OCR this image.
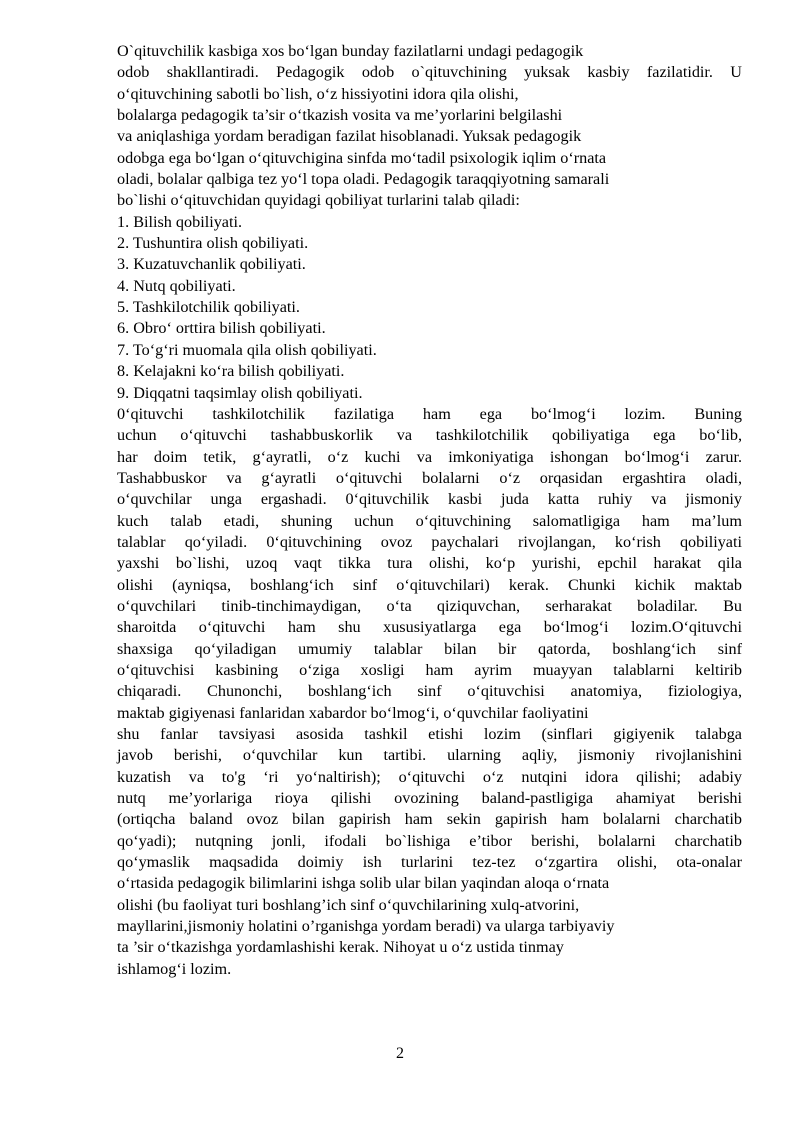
O`qituvchilik kasbiga xos bo‘lgan bunday fazilatlarni undagi pedagogik

odob shakllantiradi. Pedagogik odob o`qituvchining yuksak kasbiy fazilatidir. U

o‘qituvchining sabotli bo`lish, o‘z hissiyotini idora qila olishi,

bolalarga pedagogik ta’sir o‘tkazish vosita va me’yorlarini belgilashi

va aniqlashiga yordam beradigan fazilat hisoblanadi. Yuksak pedagogik

odobga ega bo‘lgan o‘qituvchigina sinfda mo‘tadil psixologik iqlim o‘rnata

oladi, bolalar qalbiga tez yo‘l topa oladi. Pedagogik taraqqiyotning samarali

bo`lishi o‘qituvchidan quyidagi qobiliyat turlarini talab qiladi:

1. Bilish qobiliyati.

2. Tushuntira olish qobiliyati.

3. Kuzatuvchanlik qobiliyati.

4. Nutq qobiliyati.

5. Tashkilotchilik qobiliyati.

6. Obro‘ orttira bilish qobiliyati.

7. To‘g‘ri muomala qila olish qobiliyati.

8. Kelajakni ko‘ra bilish qobiliyati.

9. Diqqatni taqsimlay olish qobiliyati.

0‘qituvchi tashkilotchilik fazilatiga ham ega bo‘lmog‘i lozim. Buning

uchun o‘qituvchi tashabbuskorlik va tashkilotchilik qobiliyatiga ega bo‘lib,

har doim tetik, g‘ayratli, o‘z kuchi va imkoniyatiga ishongan bo‘lmog‘i zarur.

Tashabbuskor va g‘ayratli o‘qituvchi bolalarni o‘z orqasidan ergashtira oladi,

o‘quvchilar unga ergashadi. 0‘qituvchilik kasbi juda katta ruhiy va jismoniy

kuch talab etadi, shuning uchun o‘qituvchining salomatligiga ham ma’lum

talablar qo‘yiladi. 0‘qituvchining ovoz paychalari rivojlangan, ko‘rish qobiliyati

yaxshi bo`lishi, uzoq vaqt tikka tura olishi, ko‘p yurishi, epchil harakat qila

olishi (ayniqsa, boshlang‘ich sinf o‘qituvchilari) kerak. Chunki kichik maktab

o‘quvchilari tinib-tinchimaydigan, o‘ta qiziquvchan, serharakat boladilar. Bu

sharoitda o‘qituvchi ham shu xususiyatlarga ega bo‘lmog‘i lozim.O‘qituvchi

shaxsiga qo‘yiladigan umumiy talablar bilan bir qatorda, boshlang‘ich sinf

o‘qituvchisi kasbining o‘ziga xosligi ham ayrim muayyan talablarni keltirib

chiqaradi. Chunonchi, boshlang‘ich sinf o‘qituvchisi anatomiya, fiziologiya,

maktab gigiyenasi fanlaridan xabardor bo‘lmog‘i, o‘quvchilar faoliyatini

shu fanlar tavsiyasi asosida tashkil etishi lozim (sinflari gigiyenik talabga

javob berishi, o‘quvchilar kun tartibi. ularning aqliy, jismoniy rivojlanishini

kuzatish va to'g ‘ri yo‘naltirish); o‘qituvchi o‘z nutqini idora qilishi; adabiy

nutq me’yorlariga rioya qilishi ovozining baland-pastligiga ahamiyat berishi

(ortiqcha baland ovoz bilan gapirish ham sekin gapirish ham bolalarni charchatib

qo‘yadi); nutqning jonli, ifodali bo`lishiga e’tibor berishi, bolalarni charchatib

qo‘ymaslik maqsadida doimiy ish turlarini tez-tez o‘zgartira olishi, ota-onalar

o‘rtasida pedagogik bilimlarini ishga solib ular bilan yaqindan aloqa o‘rnata

olishi (bu faoliyat turi boshlang’ich sinf o‘quvchilarining xulq-atvorini,

mayllarini,jismoniy holatini o’rganishga yordam beradi) va ularga tarbiyaviy

ta ’sir o‘tkazishga yordamlashishi kerak. Nihoyat u o‘z ustida tinmay

ishlamog‘i lozim.

2
